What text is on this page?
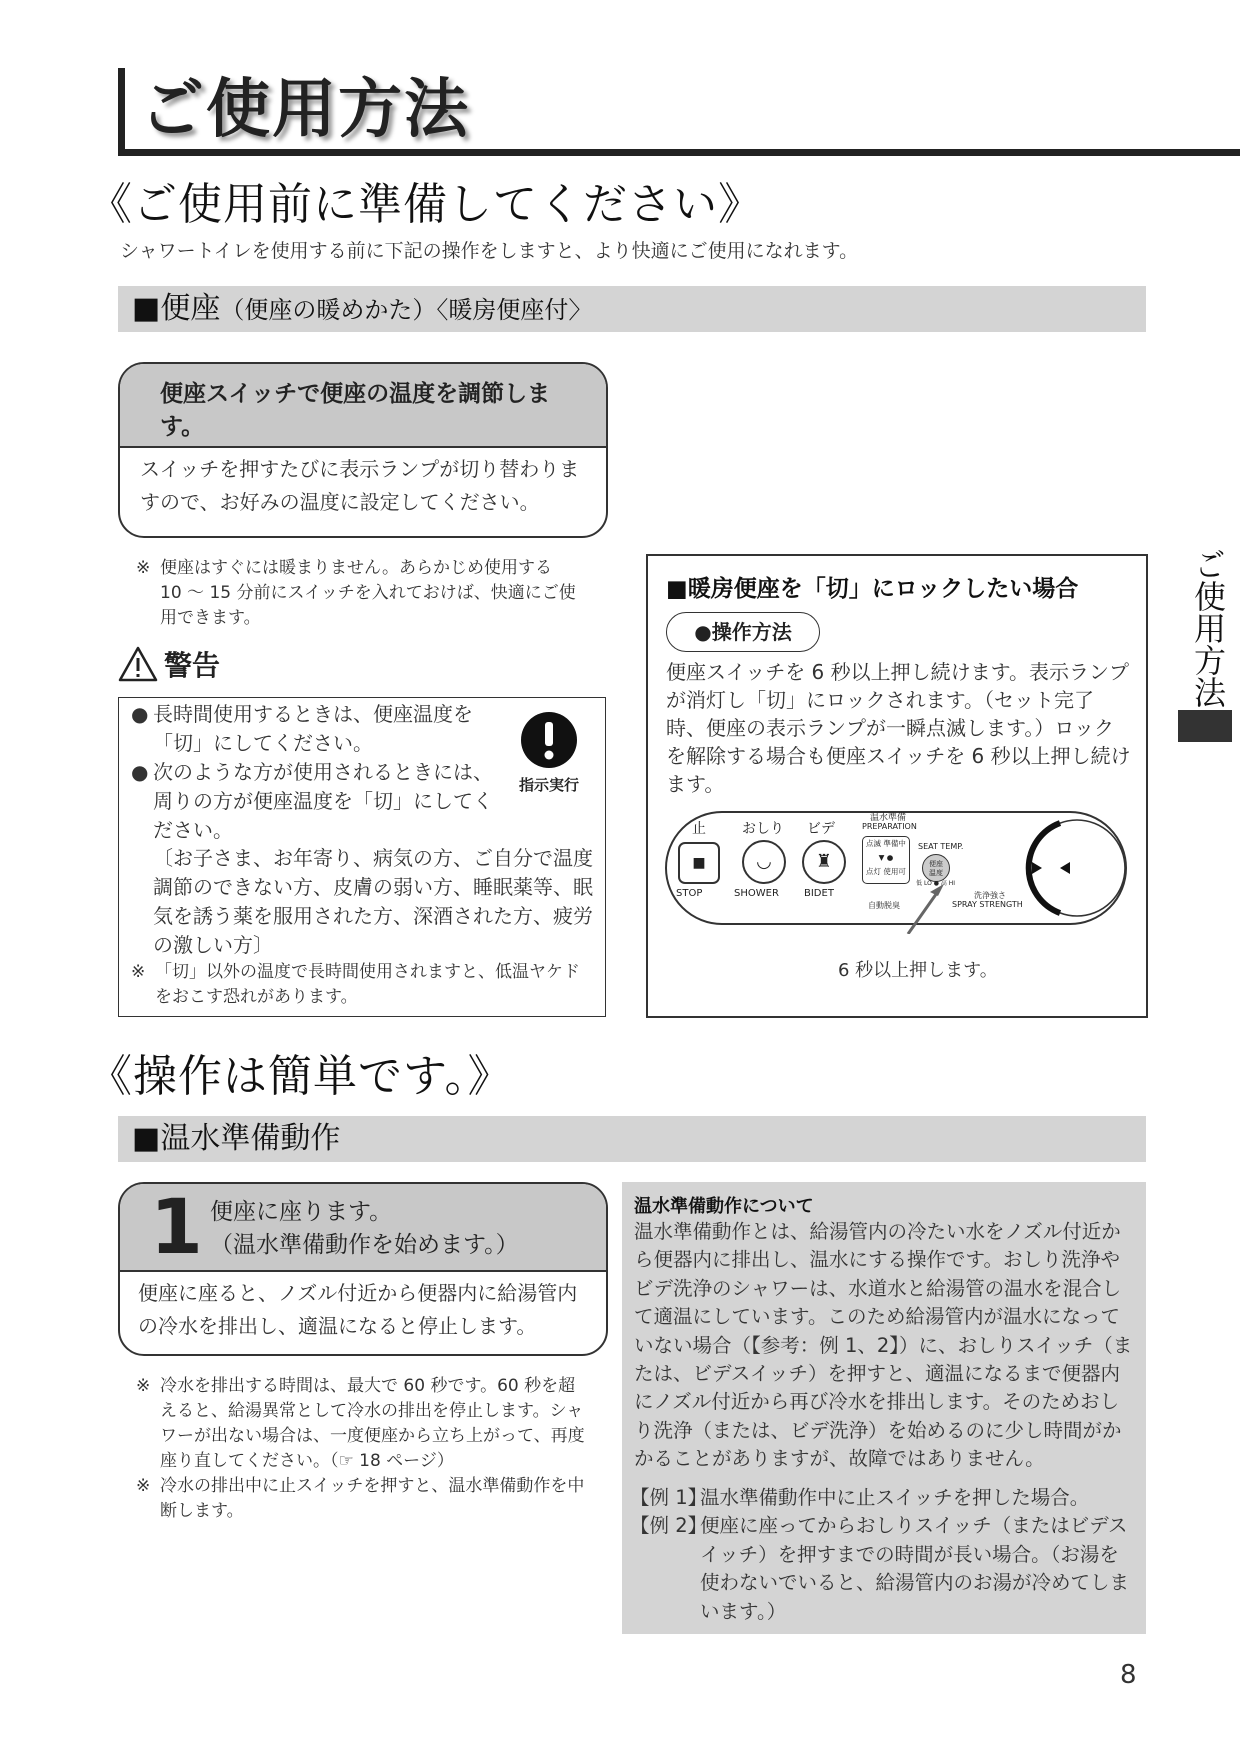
ご使用方法
ご使用方法
《ご使用前に準備してください》
シャワートイレを使用する前に下記の操作をしますと、より快適にご使用になれます。
■便座（便座の暖めかた）〈暖房便座付〉
便座スイッチで便座の温度を調節します。
スイッチを押すたびに表示ランプが切り替わりますので、お好みの温度に設定してください。
※ 便座はすぐには暖まりません。あらかじめ使用する 10 〜 15 分前にスイッチを入れておけば、快適にご使用できます。
警告
● 長時間使用するときは、便座温度を「切」にしてください。
● 次のような方が使用されるときには、周りの方が便座温度を「切」にしてください。
〔お子さま、お年寄り、病気の方、ご自分で温度調節のできない方、皮膚の弱い方、睡眠薬等、眠気を誘う薬を服用された方、深酒された方、疲労の激しい方〕
※ 「切」以外の温度で長時間使用されますと、低温ヤケドをおこす恐れがあります。
指示実行
■暖房便座を「切」にロックしたい場合
●操作方法
便座スイッチを 6 秒以上押し続けます。表示ランプが消灯し「切」にロックされます。（セット完了時、便座の表示ランプが一瞬点滅します。）ロックを解除する場合も便座スイッチを 6 秒以上押し続けます。
止	おしり ビデ
■	◡	♜
STOP	SHOWER	BIDET
温水準備
PREPARATION
点滅 準備中
▼ ●
点灯 使用可
自動脱臭
SEAT TEMP.
便座温度
低 LO ● 高 HI
洗浄強さ
SPRAY STRENGTH
6 秒以上押します。
《操作は簡単です。》
■温水準備動作
1 便座に座ります。
（温水準備動作を始めます。）
便座に座ると、ノズル付近から便器内に給湯管内の冷水を排出し、適温になると停止します。
※ 冷水を排出する時間は、最大で 60 秒です。60 秒を超えると、給湯異常として冷水の排出を停止します。シャワーが出ない場合は、一度便座から立ち上がって、再度座り直してください。（☞ 18 ページ）
※ 冷水の排出中に止スイッチを押すと、温水準備動作を中断します。
温水準備動作について
温水準備動作とは、給湯管内の冷たい水をノズル付近から便器内に排出し、温水にする操作です。おしり洗浄やビデ洗浄のシャワーは、水道水と給湯管の温水を混合して適温にしています。このため給湯管内が温水になっていない場合（【参考：例 1、2】）に、おしりスイッチ（または、ビデスイッチ）を押すと、適温になるまで便器内にノズル付近から再び冷水を排出します。そのためおしり洗浄（または、ビデ洗浄）を始めるのに少し時間がかかることがありますが、故障ではありません。
【例 1】
温水準備動作中に止スイッチを押した場合。
【例 2】
便座に座ってからおしりスイッチ（またはビデスイッチ）を押すまでの時間が長い場合。（お湯を使わないでいると、給湯管内のお湯が冷めてしまいます。）
8
